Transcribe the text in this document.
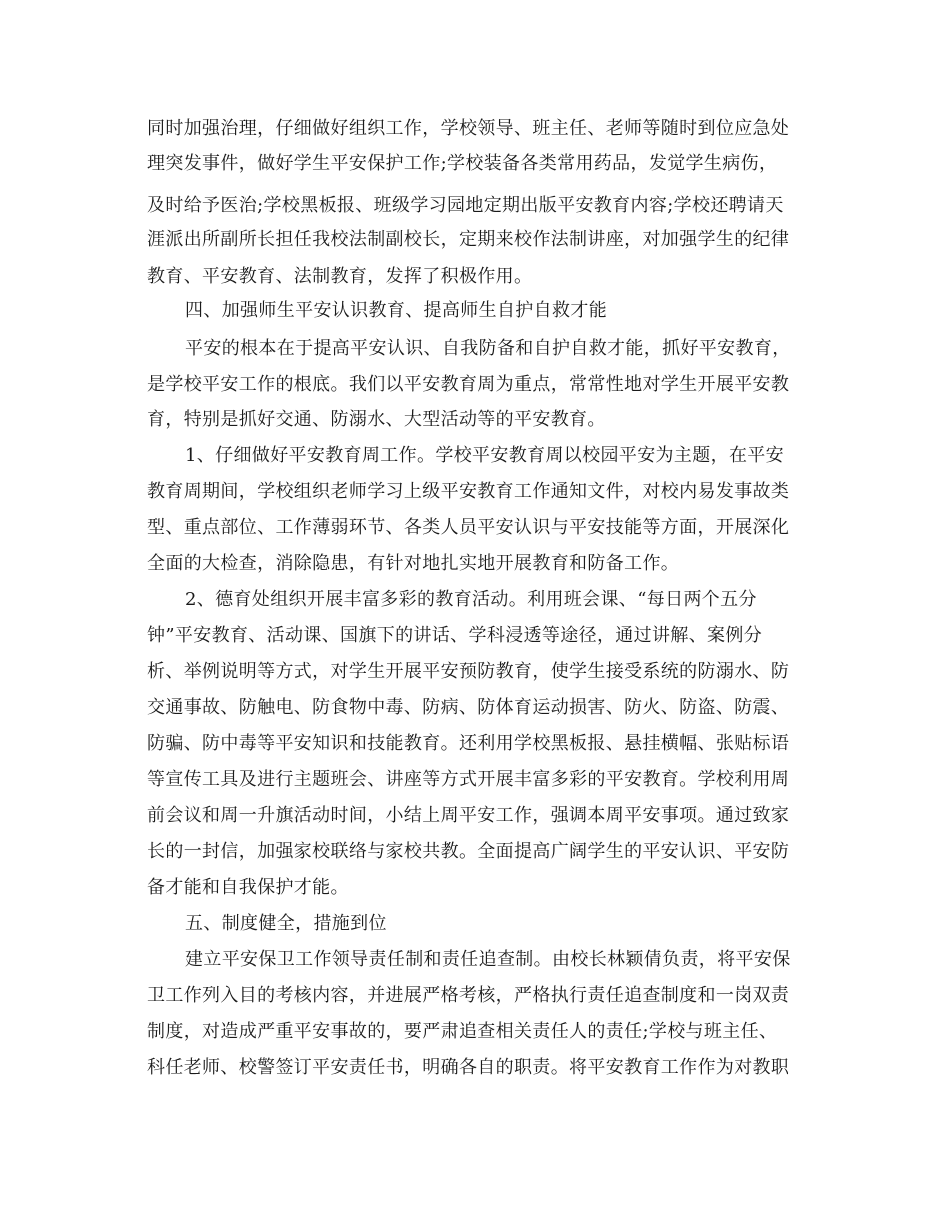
同时加强治理，仔细做好组织工作，学校领导、班主任、老师等随时到位应急处
理突发事件，做好学生平安保护工作;学校装备各类常用药品，发觉学生病伤，
及时给予医治;学校黑板报、班级学习园地定期出版平安教育内容;学校还聘请天
涯派出所副所长担任我校法制副校长，定期来校作法制讲座，对加强学生的纪律
教育、平安教育、法制教育，发挥了积极作用。
四、加强师生平安认识教育、提高师生自护自救才能
平安的根本在于提高平安认识、自我防备和自护自救才能，抓好平安教育，
是学校平安工作的根底。我们以平安教育周为重点，常常性地对学生开展平安教
育，特别是抓好交通、防溺水、大型活动等的平安教育。
1、仔细做好平安教育周工作。学校平安教育周以校园平安为主题，在平安
教育周期间，学校组织老师学习上级平安教育工作通知文件，对校内易发事故类
型、重点部位、工作薄弱环节、各类人员平安认识与平安技能等方面，开展深化
全面的大检查，消除隐患，有针对地扎实地开展教育和防备工作。
2、德育处组织开展丰富多彩的教育活动。利用班会课、“每日两个五分
钟”平安教育、活动课、国旗下的讲话、学科浸透等途径，通过讲解、案例分
析、举例说明等方式，对学生开展平安预防教育，使学生接受系统的防溺水、防
交通事故、防触电、防食物中毒、防病、防体育运动损害、防火、防盗、防震、
防骗、防中毒等平安知识和技能教育。还利用学校黑板报、悬挂横幅、张贴标语
等宣传工具及进行主题班会、讲座等方式开展丰富多彩的平安教育。学校利用周
前会议和周一升旗活动时间，小结上周平安工作，强调本周平安事项。通过致家
长的一封信，加强家校联络与家校共教。全面提高广阔学生的平安认识、平安防
备才能和自我保护才能。
五、制度健全，措施到位
建立平安保卫工作领导责任制和责任追查制。由校长林颖倩负责，将平安保
卫工作列入目的考核内容，并进展严格考核，严格执行责任追查制度和一岗双责
制度，对造成严重平安事故的，要严肃追查相关责任人的责任;学校与班主任、
科任老师、校警签订平安责任书，明确各自的职责。将平安教育工作作为对教职
